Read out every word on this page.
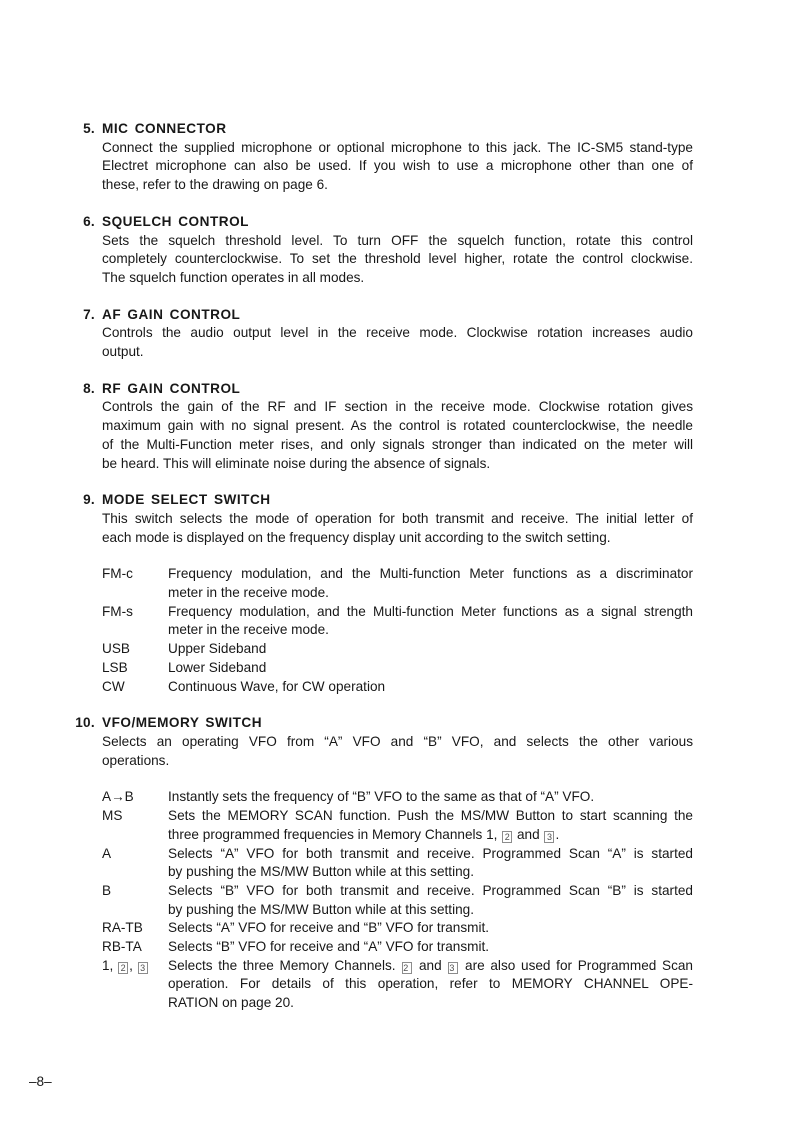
5. MIC CONNECTOR
Connect the supplied microphone or optional microphone to this jack. The IC-SM5 stand-type
Electret microphone can also be used. If you wish to use a microphone other than one of
these, refer to the drawing on page 6.
6. SQUELCH CONTROL
Sets the squelch threshold level. To turn OFF the squelch function, rotate this control
completely counterclockwise. To set the threshold level higher, rotate the control clockwise.
The squelch function operates in all modes.
7. AF GAIN CONTROL
Controls the audio output level in the receive mode. Clockwise rotation increases audio
output.
8. RF GAIN CONTROL
Controls the gain of the RF and IF section in the receive mode. Clockwise rotation gives
maximum gain with no signal present. As the control is rotated counterclockwise, the needle
of the Multi-Function meter rises, and only signals stronger than indicated on the meter will
be heard. This will eliminate noise during the absence of signals.
9. MODE SELECT SWITCH
This switch selects the mode of operation for both transmit and receive. The initial letter of
each mode is displayed on the frequency display unit according to the switch setting.
FM-c	Frequency modulation, and the Multi-function Meter functions as a discriminator
meter in the receive mode.
FM-s	Frequency modulation, and the Multi-function Meter functions as a signal strength
meter in the receive mode.
USB	Upper Sideband
LSB	Lower Sideband
CW	Continuous Wave, for CW operation
10. VFO/MEMORY SWITCH
Selects an operating VFO from “A” VFO and “B” VFO, and selects the other various
operations.
A→B	Instantly sets the frequency of “B” VFO to the same as that of “A” VFO.
MS	Sets the MEMORY SCAN function. Push the MS/MW Button to start scanning the
three programmed frequencies in Memory Channels 1, 2 and 3 .
A	Selects “A” VFO for both transmit and receive. Programmed Scan “A” is started
by pushing the MS/MW Button while at this setting.
B	Selects “B” VFO for both transmit and receive. Programmed Scan “B” is started
by pushing the MS/MW Button while at this setting.
RA-TB Selects “A” VFO for receive and “B” VFO for transmit.
RB-TA Selects “B” VFO for receive and “A” VFO for transmit.
1, 2 , 3 Selects the three Memory Channels. 2 and 3 are also used for Programmed Scan
operation. For details of this operation, refer to MEMORY CHANNEL OPE-
RATION on page 20.
–8–
